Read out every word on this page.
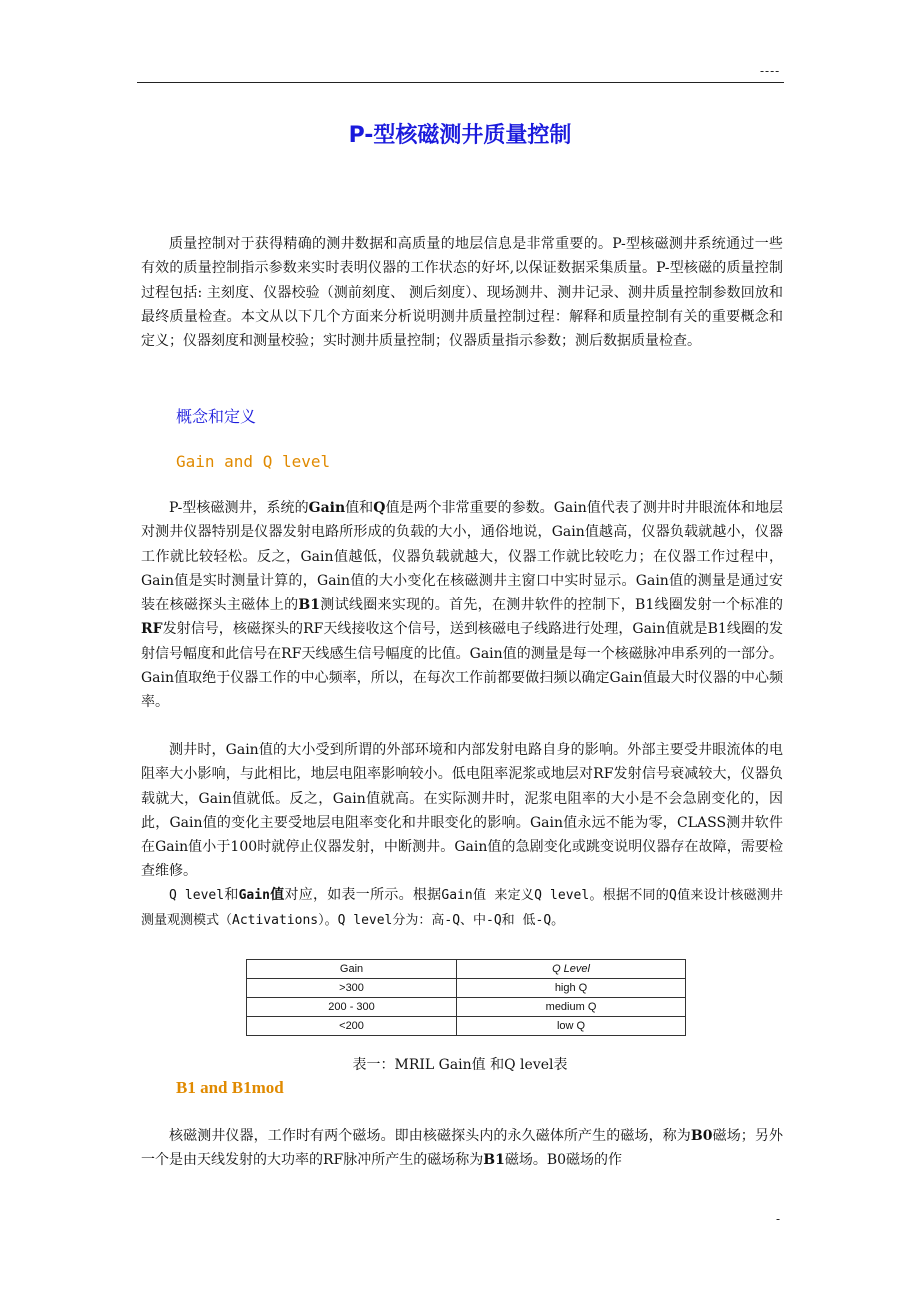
----
P-型核磁测井质量控制

质量控制对于获得精确的测井数据和高质量的地层信息是非常重要的。P-型核磁测井系统通过一些有效的质量控制指示参数来实时表明仪器的工作状态的好坏,以保证数据采集质量。P-型核磁的质量控制过程包括: 主刻度、仪器校验（测前刻度、 测后刻度）、现场测井、测井记录、测井质量控制参数回放和最终质量检查。本文从以下几个方面来分析说明测井质量控制过程：解释和质量控制有关的重要概念和定义；仪器刻度和测量校验；实时测井质量控制；仪器质量指示参数；测后数据质量检查。

概念和定义
Gain and Q level

P-型核磁测井，系统的Gain值和Q值是两个非常重要的参数。Gain值代表了测井时井眼流体和地层对测井仪器特别是仪器发射电路所形成的负载的大小，通俗地说，Gain值越高，仪器负载就越小，仪器工作就比较轻松。反之，Gain值越低，仪器负载就越大，仪器工作就比较吃力；在仪器工作过程中，Gain值是实时测量计算的，Gain值的大小变化在核磁测井主窗口中实时显示。Gain值的测量是通过安装在核磁探头主磁体上的B1测试线圈来实现的。首先，在测井软件的控制下，B1线圈发射一个标准的RF发射信号，核磁探头的RF天线接收这个信号，送到核磁电子线路进行处理，Gain值就是B1线圈的发射信号幅度和此信号在RF天线感生信号幅度的比值。Gain值的测量是每一个核磁脉冲串系列的一部分。Gain值取绝于仪器工作的中心频率，所以，在每次工作前都要做扫频以确定Gain值最大时仪器的中心频率。

测井时，Gain值的大小受到所谓的外部环境和内部发射电路自身的影响。外部主要受井眼流体的电阻率大小影响，与此相比，地层电阻率影响较小。低电阻率泥浆或地层对RF发射信号衰减较大，仪器负载就大，Gain值就低。反之，Gain值就高。在实际测井时，泥浆电阻率的大小是不会急剧变化的，因此，Gain值的变化主要受地层电阻率变化和井眼变化的影响。Gain值永远不能为零，CLASS测井软件在Gain值小于100时就停止仪器发射，中断测井。Gain值的急剧变化或跳变说明仪器存在故障，需要检查维修。

Q level和Gain值对应，如表一所示。根据Gain值 来定义Q level。根据不同的Q值来设计核磁测井测量观测模式（Activations）。Q level分为：高-Q、中-Q和 低-Q。

Gain	Q Level
>300	high Q
200 - 300	medium Q
<200	low Q
表一：MRIL Gain值 和Q level表
B1 and B1mod

核磁测井仪器，工作时有两个磁场。即由核磁探头内的永久磁体所产生的磁场，称为B0磁场；另外一个是由天线发射的大功率的RF脉冲所产生的磁场称为B1磁场。B0磁场的作

-
